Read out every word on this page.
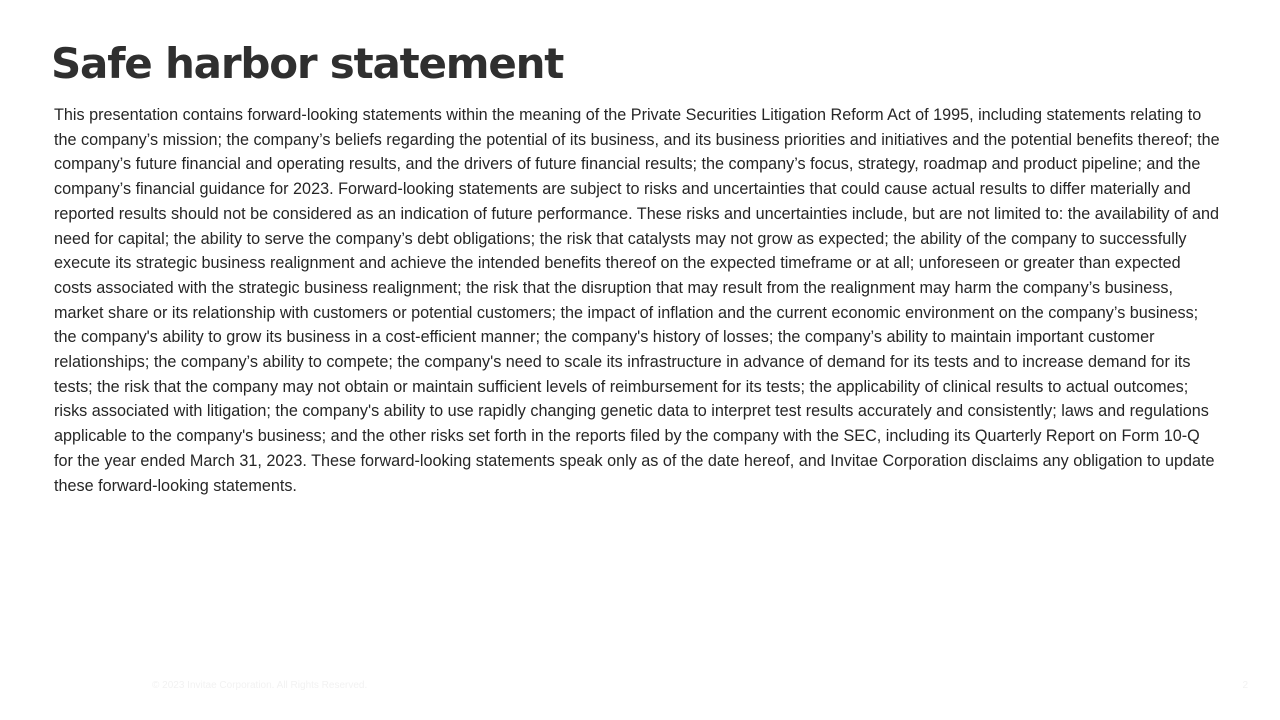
Safe harbor statement

This presentation contains forward-looking statements within the meaning of the Private Securities Litigation Reform Act of 1995, including statements relating to the company’s mission; the company’s beliefs regarding the potential of its business, and its business priorities and initiatives and the potential benefits thereof; the company’s future financial and operating results, and the drivers of future financial results; the company’s focus, strategy, roadmap and product pipeline; and the company’s financial guidance for 2023. Forward-looking statements are subject to risks and uncertainties that could cause actual results to differ materially and reported results should not be considered as an indication of future performance. These risks and uncertainties include, but are not limited to: the availability of and need for capital; the ability to serve the company’s debt obligations; the risk that catalysts may not grow as expected; the ability of the company to successfully execute its strategic business realignment and achieve the intended benefits thereof on the expected timeframe or at all; unforeseen or greater than expected costs associated with the strategic business realignment; the risk that the disruption that may result from the realignment may harm the company’s business, market share or its relationship with customers or potential customers; the impact of inflation and the current economic environment on the company’s business; the company's ability to grow its business in a cost-efficient manner; the company's history of losses; the company’s ability to maintain important customer relationships; the company’s ability to compete; the company's need to scale its infrastructure in advance of demand for its tests and to increase demand for its tests; the risk that the company may not obtain or maintain sufficient levels of reimbursement for its tests; the applicability of clinical results to actual outcomes; risks associated with litigation; the company's ability to use rapidly changing genetic data to interpret test results accurately and consistently; laws and regulations applicable to the company's business; and the other risks set forth in the reports filed by the company with the SEC, including its Quarterly Report on Form 10-Q for the year ended March 31, 2023. These forward-looking statements speak only as of the date hereof, and Invitae Corporation disclaims any obligation to update these forward-looking statements.

© 2023 Invitae Corporation. All Rights Reserved.	2
